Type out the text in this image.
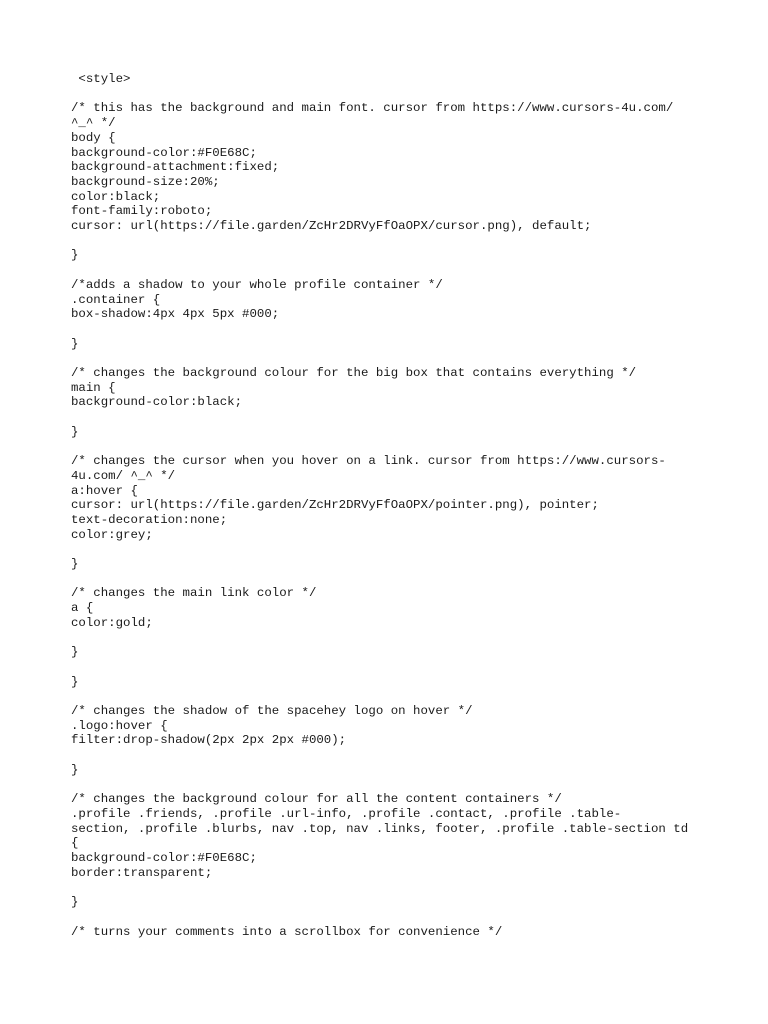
<style>
/* this has the background and main font. cursor from https://www.cursors-4u.com/
^_^ */
body {
background-color:#F0E68C;
background-attachment:fixed;
background-size:20%;
color:black;
font-family:roboto;
cursor: url(https://file.garden/ZcHr2DRVyFfOaOPX/cursor.png), default;
}
/*adds a shadow to your whole profile container */
.container {
box-shadow:4px 4px 5px #000;
}
/* changes the background colour for the big box that contains everything */
main {
background-color:black;
}
/* changes the cursor when you hover on a link. cursor from https://www.cursors-
4u.com/ ^_^ */
a:hover {
cursor: url(https://file.garden/ZcHr2DRVyFfOaOPX/pointer.png), pointer;
text-decoration:none;
color:grey;
}
/* changes the main link color */
a {
color:gold;
}
}
/* changes the shadow of the spacehey logo on hover */
.logo:hover {
filter:drop-shadow(2px 2px 2px #000);
}
/* changes the background colour for all the content containers */
.profile .friends, .profile .url-info, .profile .contact, .profile .table-
section, .profile .blurbs, nav .top, nav .links, footer, .profile .table-section td
{
background-color:#F0E68C;
border:transparent;
}
/* turns your comments into a scrollbox for convenience */
